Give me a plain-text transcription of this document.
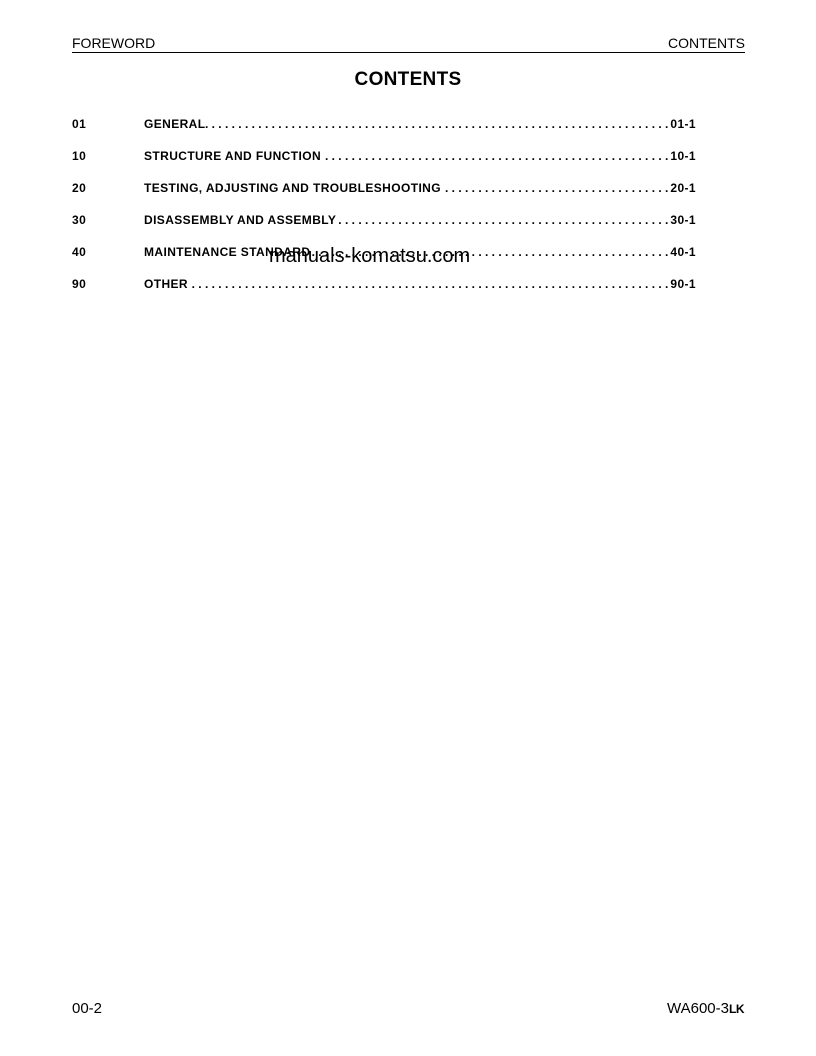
FOREWORD	CONTENTS
CONTENTS
01	GENERAL . . .	01-1
10	STRUCTURE AND FUNCTION . . .	10-1
20	TESTING, ADJUSTING AND TROUBLESHOOTING . . .	20-1
30	DISASSEMBLY AND ASSEMBLY . . .	30-1
40	MAINTENANCE STANDARD . . .	40-1
90	OTHER . . .	90-1
manuals-komatsu.com
00-2	WA600-3LK
